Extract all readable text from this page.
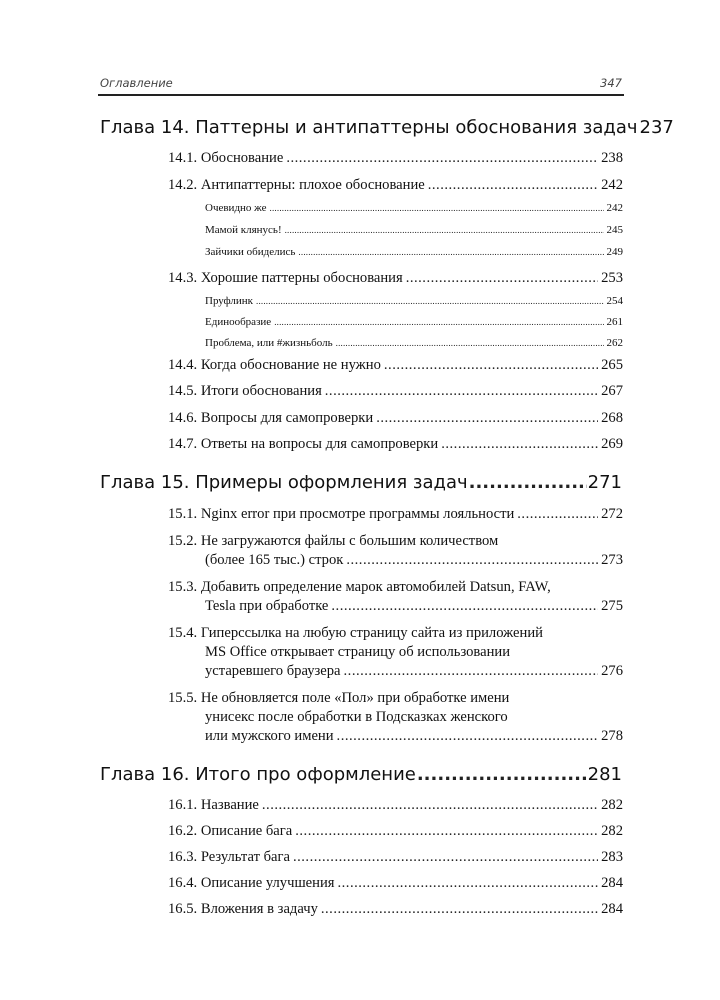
Оглавление	347
Глава 14. Паттерны и антипаттерны обоснования задач 237
14.1. Обоснование .....	238
14.2. Антипаттерны: плохое обоснование .....	242
Очевидно же .....	242
Мамой клянусь! .....	245
Зайчики обиделись .....	249
14.3. Хорошие паттерны обоснования .....	253
Пруфлинк .....	254
Единообразие .....	261
Проблема, или #жизньболь .....	262
14.4. Когда обоснование не нужно .....	265
14.5. Итоги обоснования .....	267
14.6. Вопросы для самопроверки .....	268
14.7. Ответы на вопросы для самопроверки .....	269
Глава 15. Примеры оформления задач .....	271
15.1. Nginx error при просмотре программы лояльности .....	272
15.2. Не загружаются файлы с большим количеством
(более 165 тыс.) строк .....	273
15.3. Добавить определение марок автомобилей Datsun, FAW,
Tesla при обработке .....	275
15.4. Гиперссылка на любую страницу сайта из приложений
MS Office открывает страницу об использовании
устаревшего браузера .....	276
15.5. Не обновляется поле «Пол» при обработке имени
унисекс после обработки в Подсказках женского
или мужского имени .....	278
Глава 16. Итого про оформление .....	281
16.1. Название .....	282
16.2. Описание бага .....	282
16.3. Результат бага .....	283
16.4. Описание улучшения .....	284
16.5. Вложения в задачу .....	284
